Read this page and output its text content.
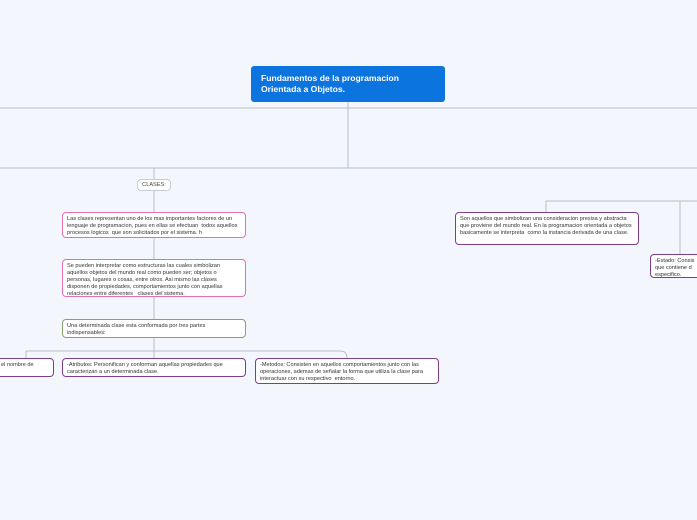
Fundamentos de la programacion
Orientada a Objetos.
CLASES:
Las clases representan uno de los mas importantes factores de un lenguaje de programacion, pues en ellas se efectuan  todos aquellos procesos logicos  que son solicitados por el sistema. h
Se pueden interpretar como estructuras las cuales simbolizan aquellos objetos del mundo real como pueden ser; objetos o personas, lugares o cosas, entre otros. Asi mismo las clases disponen de propiedades, comportamientos junto con aquellas relaciones entre diferentes   clases del sistema.
Una determinada clase esta conformada por tres partes indispensables:
el nombre de	-Atributos: Personifican y conforman aquellas propiedades que caracterizan a un determinada clase.
-Metodos: Consisten en aquellos comportamientos junto con las operaciones, ademas de señalar la forma que utiliza la clase para interactuar con su respectivo  entorno.
Son aquellos que simbolizan una consideracion presisa y abstracta que proviene del mundo real. En la programacion orientada a objetos basicamente se interpreta  como la instancia derivada de una clase.
-Estado: Consis
que contiene d
especifico.
